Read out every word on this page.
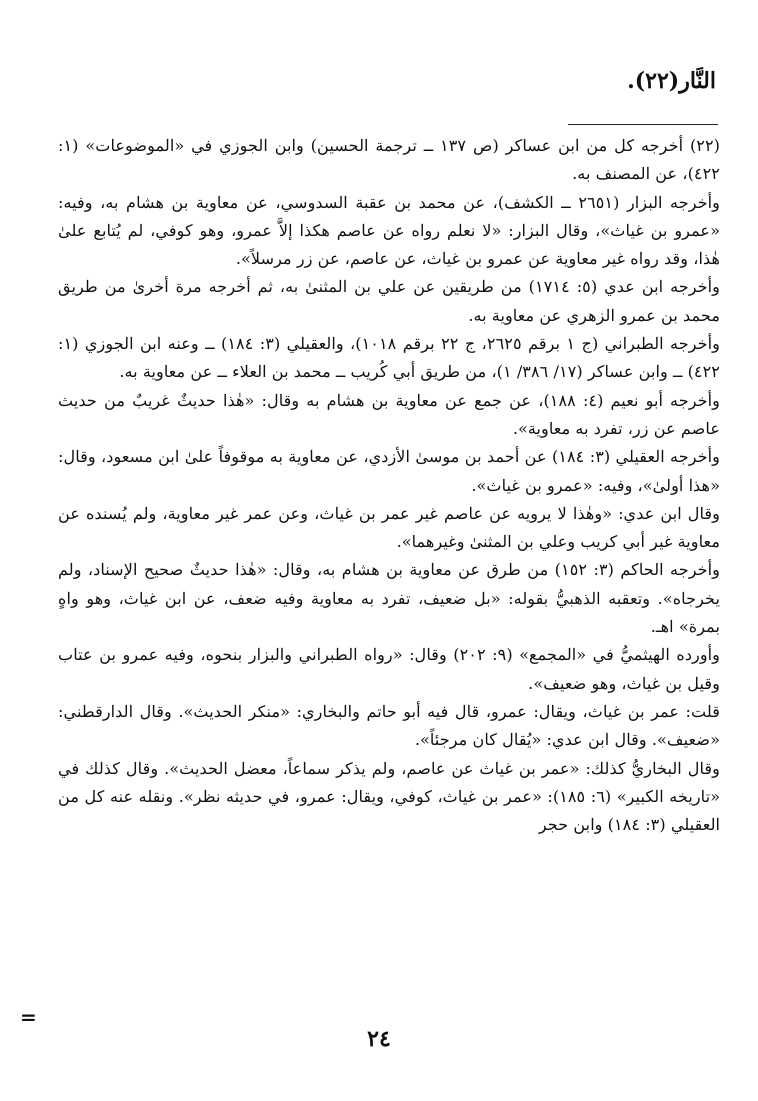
النَّار(٢٢).

(٢٢) أخرجه كل من ابن عساكر (ص ١٣٧ ــ ترجمة الحسين) وابن الجوزي في «الموضوعات» (١: ٤٢٢)، عن المصنف به.

وأخرجه البزار (٢٦٥١ ــ الكشف)، عن محمد بن عقبة السدوسي، عن معاوية بن هشام به، وفيه: «عمرو بن غياث»، وقال البزار: «لا نعلم رواه عن عاصم هكذا إلاَّ عمرو، وهو كوفي، لم يُتابع علىٰ هٰذا، وقد رواه غير معاوية عن عمرو بن غياث، عن عاصم، عن زر مرسلاً».

وأخرجه ابن عدي (٥: ١٧١٤) من طريقين عن علي بن المثنىٰ به، ثم أخرجه مرة أخرىٰ من طريق محمد بن عمرو الزهري عن معاوية به.

وأخرجه الطبراني (ج ١ برقم ٢٦٢٥، ج ٢٢ برقم ١٠١٨)، والعقيلي (٣: ١٨٤) ــ وعنه ابن الجوزي (١: ٤٢٢) ــ وابن عساكر (١٧/ ٣٨٦/ ١)، من طريق أبي كُريب ــ محمد بن العلاء ــ عن معاوية به.

وأخرجه أبو نعيم (٤: ١٨٨)، عن جمع عن معاوية بن هشام به وقال: «هٰذا حديثٌ غريبٌ من حديث عاصم عن زر، تفرد به معاوية».

وأخرجه العقيلي (٣: ١٨٤) عن أحمد بن موسىٰ الأزدي، عن معاوية به موقوفاً علىٰ ابن مسعود، وقال: «هذا أولىٰ»، وفيه: «عمرو بن غياث».

وقال ابن عدي: «وهٰذا لا يرويه عن عاصم غير عمر بن غياث، وعن عمر غير معاوية، ولم يُسنده عن معاوية غير أبي كريب وعلي بن المثنىٰ وغيرهما».

وأخرجه الحاكم (٣: ١٥٢) من طرق عن معاوية بن هشام به، وقال: «هٰذا حديثٌ صحيح الإسناد، ولم يخرجاه». وتعقبه الذهبيُّ بقوله: «بل ضعيف، تفرد به معاوية وفيه ضعف، عن ابن غياث، وهو واهٍ بمرة» اهـ.

وأورده الهيثميُّ في «المجمع» (٩: ٢٠٢) وقال: «رواه الطبراني والبزار بنحوه، وفيه عمرو بن عتاب وقيل بن غياث، وهو ضعيف».

قلت: عمر بن غياث، ويقال: عمرو، قال فيه أبو حاتم والبخاري: «منكر الحديث». وقال الدارقطني: «ضعيف». وقال ابن عدي: «يُقال كان مرجئاً».

وقال البخاريُّ كذلك: «عمر بن غياث عن عاصم، ولم يذكر سماعاً، معضل الحديث». وقال كذلك في «تاريخه الكبير» (٦: ١٨٥): «عمر بن غياث، كوفي، ويقال: عمرو، في حديثه نظر». ونقله عنه كل من العقيلي (٣: ١٨٤) وابن حجر

=
٢٤
